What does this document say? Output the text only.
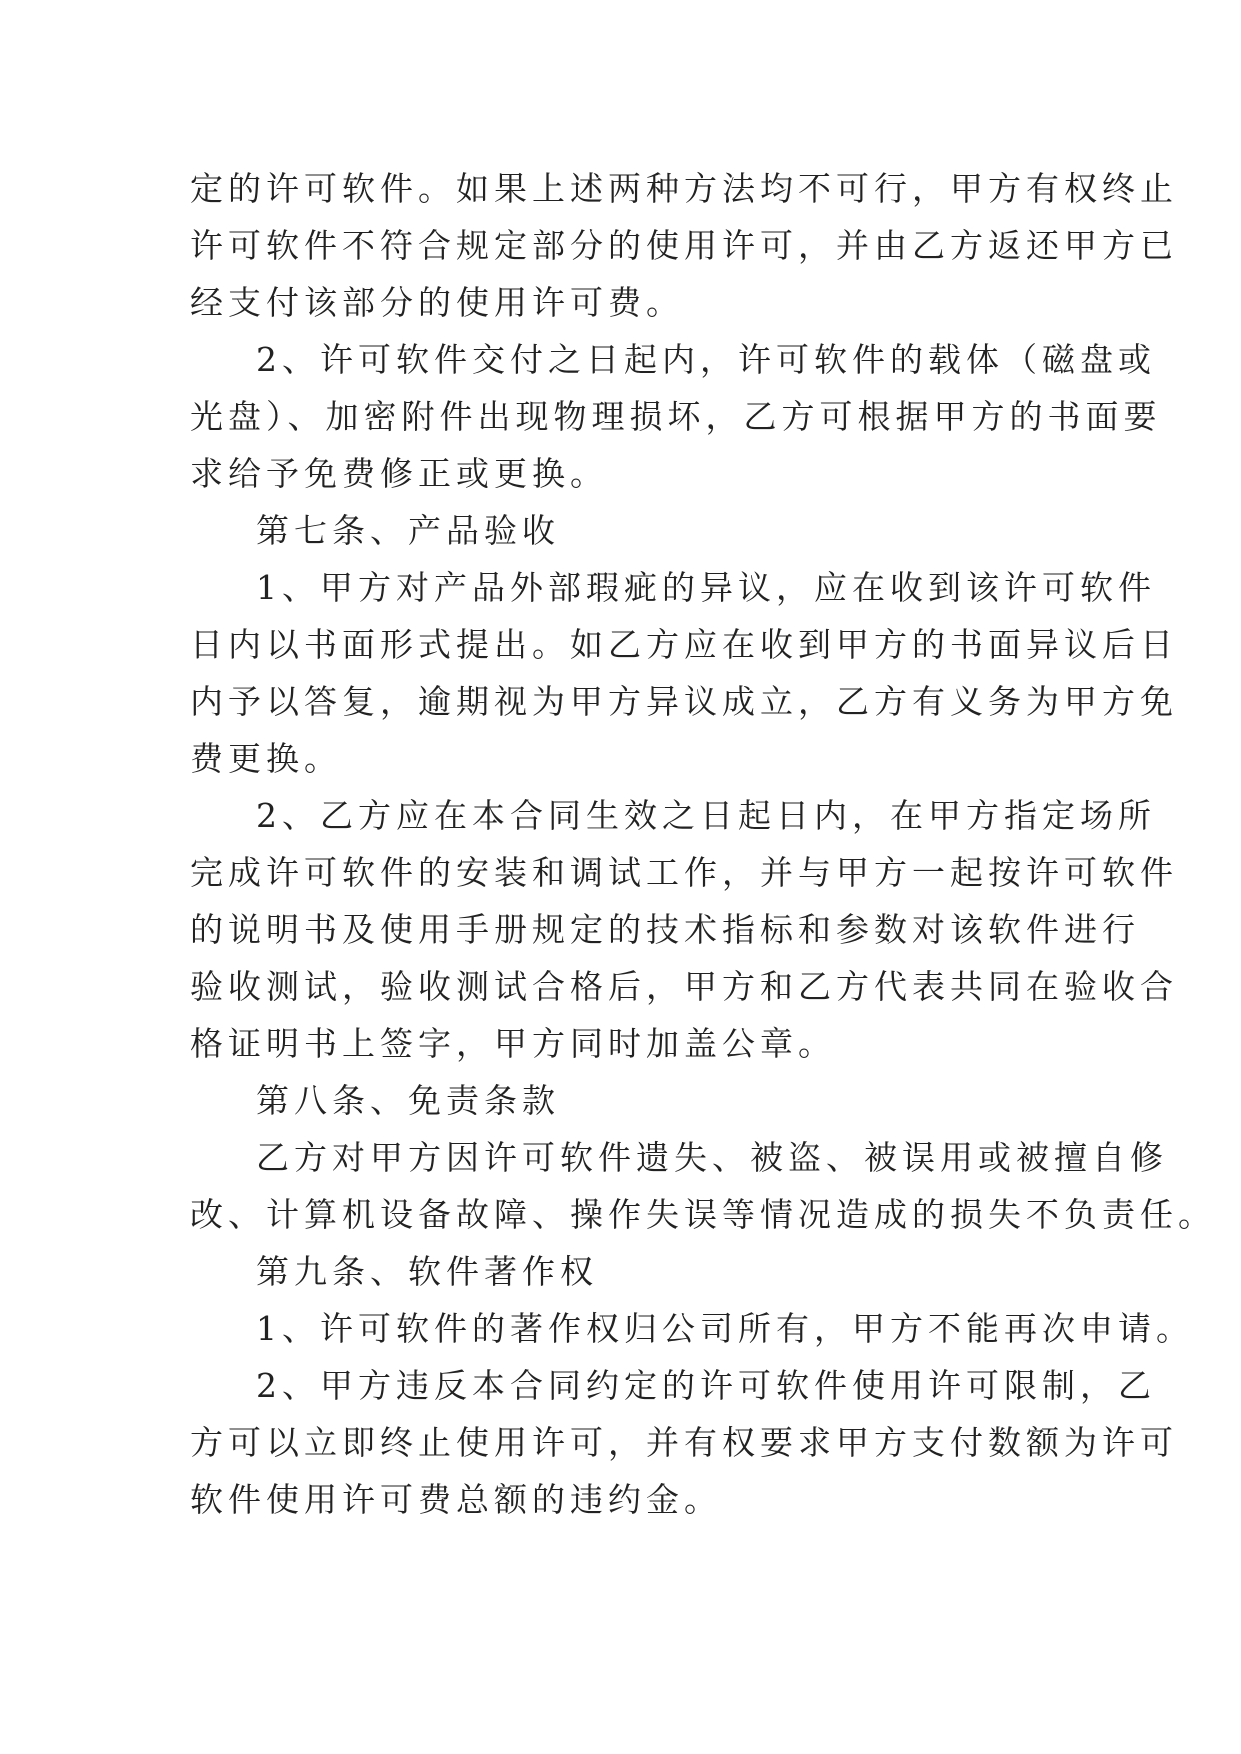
定的许可软件。如果上述两种方法均不可行，甲方有权终止
许可软件不符合规定部分的使用许可，并由乙方返还甲方已
经支付该部分的使用许可费。
2、许可软件交付之日起内，许可软件的载体（磁盘或
光盘）、加密附件出现物理损坏，乙方可根据甲方的书面要
求给予免费修正或更换。
第七条、产品验收
1、甲方对产品外部瑕疵的异议，应在收到该许可软件
日内以书面形式提出。如乙方应在收到甲方的书面异议后日
内予以答复，逾期视为甲方异议成立，乙方有义务为甲方免
费更换。
2、乙方应在本合同生效之日起日内，在甲方指定场所
完成许可软件的安装和调试工作，并与甲方一起按许可软件
的说明书及使用手册规定的技术指标和参数对该软件进行
验收测试，验收测试合格后，甲方和乙方代表共同在验收合
格证明书上签字，甲方同时加盖公章。
第八条、免责条款
乙方对甲方因许可软件遗失、被盗、被误用或被擅自修
改、计算机设备故障、操作失误等情况造成的损失不负责任。
第九条、软件著作权
1、许可软件的著作权归公司所有，甲方不能再次申请。
2、甲方违反本合同约定的许可软件使用许可限制，乙
方可以立即终止使用许可，并有权要求甲方支付数额为许可
软件使用许可费总额的违约金。
